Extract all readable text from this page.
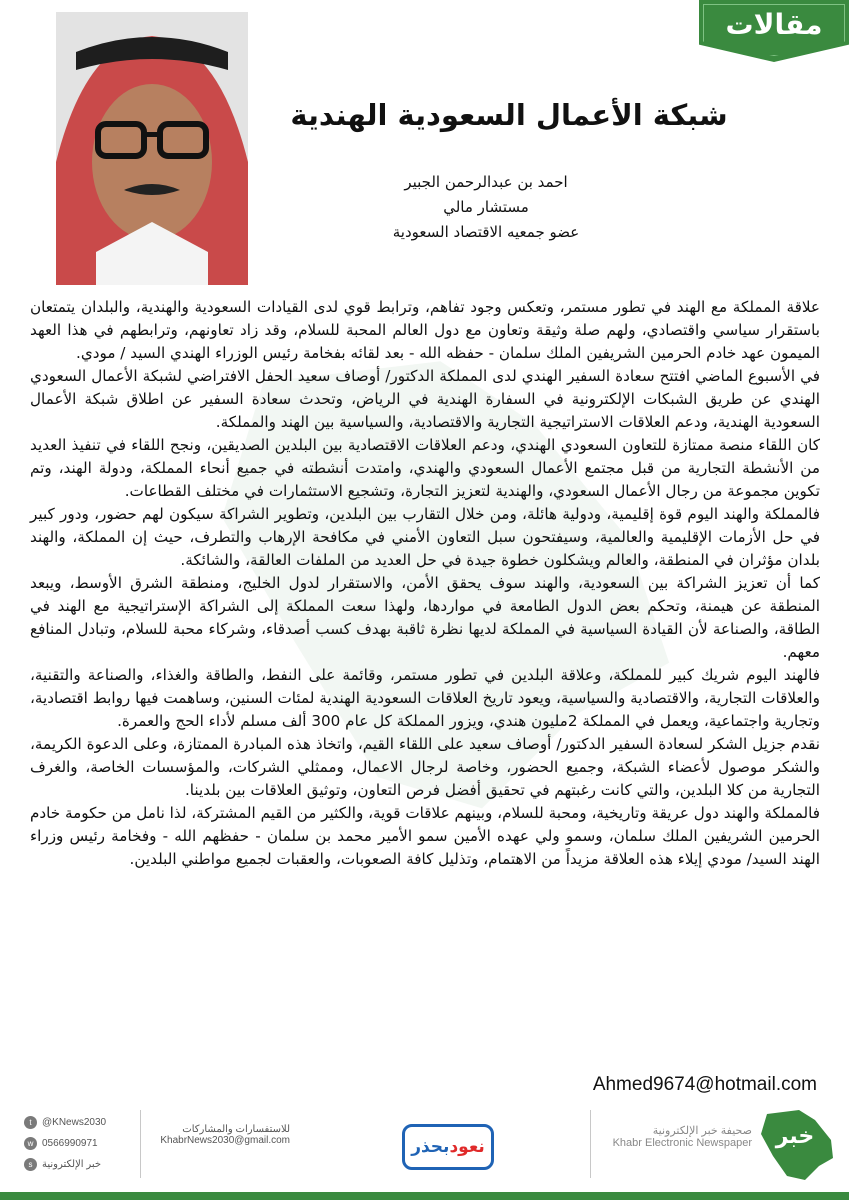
مقالات
شبكة الأعمال السعودية الهندية
احمد بن عبدالرحمن الجبير
مستشار مالي
عضو جمعيه الاقتصاد السعودية

علاقة المملكة مع الهند في تطور مستمر، وتعكس وجود تفاهم، وترابط قوي لدى القيادات السعودية والهندية، والبلدان يتمتعان باستقرار سياسي واقتصادي، ولهم صلة وثيقة وتعاون مع دول العالم المحبة للسلام، وقد زاد تعاونهم، وترابطهم في هذا العهد الميمون عهد خادم الحرمين الشريفين الملك سلمان - حفظه الله - بعد لقائه بفخامة رئيس الوزراء الهندي السيد / مودي.

في الأسبوع الماضي افتتح سعادة السفير الهندي لدى المملكة الدكتور/ أوصاف سعيد الحفل الافتراضي لشبكة الأعمال السعودي الهندي عن طريق الشبكات الإلكترونية في السفارة الهندية في الرياض، وتحدث سعادة السفير عن اطلاق شبكة الأعمال السعودية الهندية، ودعم العلاقات الاستراتيجية التجارية والاقتصادية، والسياسية بين الهند والمملكة.

كان اللقاء منصة ممتازة للتعاون السعودي الهندي، ودعم العلاقات الاقتصادية بين البلدين الصديقين، ونجح اللقاء في تنفيذ العديد من الأنشطة التجارية من قبل مجتمع الأعمال السعودي والهندي، وامتدت أنشطته في جميع أنحاء المملكة، ودولة الهند، وتم تكوين مجموعة من رجال الأعمال السعودي، والهندية لتعزيز التجارة، وتشجيع الاستثمارات في مختلف القطاعات.

فالمملكة والهند اليوم قوة إقليمية، ودولية هائلة، ومن خلال التقارب بين البلدين، وتطوير الشراكة سيكون لهم حضور، ودور كبير في حل الأزمات الإقليمية والعالمية، وسيفتحون سبل التعاون الأمني في مكافحة الإرهاب والتطرف، حيث إن المملكة، والهند بلدان مؤثران في المنطقة، والعالم ويشكلون خطوة جيدة في حل العديد من الملفات العالقة، والشائكة.

كما أن تعزيز الشراكة بين السعودية، والهند سوف يحقق الأمن، والاستقرار لدول الخليج، ومنطقة الشرق الأوسط، ويبعد المنطقة عن هيمنة، وتحكم بعض الدول الطامعة في مواردها، ولهذا سعت المملكة إلى الشراكة الإستراتيجية مع الهند في الطاقة، والصناعة لأن القيادة السياسية في المملكة لديها نظرة ثاقبة بهدف كسب أصدقاء، وشركاء محبة للسلام، وتبادل المنافع معهم.

فالهند اليوم شريك كبير للمملكة، وعلاقة البلدين في تطور مستمر، وقائمة على النفط، والطاقة والغذاء، والصناعة والتقنية، والعلاقات التجارية، والاقتصادية والسياسية، ويعود تاريخ العلاقات السعودية الهندية لمئات السنين، وساهمت فيها روابط اقتصادية، وتجارية واجتماعية، ويعمل في المملكة 2مليون هندي، ويزور المملكة كل عام 300 ألف مسلم لأداء الحج والعمرة.

نقدم جزيل الشكر لسعادة السفير الدكتور/ أوصاف سعيد على اللقاء القيم، واتخاذ هذه المبادرة الممتازة، وعلى الدعوة الكريمة، والشكر موصول لأعضاء الشبكة، وجميع الحضور، وخاصة لرجال الاعمال، وممثلي الشركات، والمؤسسات الخاصة، والغرف التجارية من كلا البلدين، والتي كانت رغبتهم في تحقيق أفضل فرص التعاون، وتوثيق العلاقات بين بلدينا.

فالمملكة والهند دول عريقة وتاريخية، ومحبة للسلام، وبينهم علاقات قوية، والكثير من القيم المشتركة، لذا نامل من حكومة خادم الحرمين الشريفين الملك سلمان، وسمو ولي عهده الأمين سمو الأمير محمد بن سلمان - حفظهم الله - وفخامة رئيس وزراء الهند السيد/ مودي إيلاء هذه العلاقة مزيداً من الاهتمام، وتذليل كافة الصعوبات، والعقبات لجميع مواطني البلدين.

Ahmed9674@hotmail.com
t	@KNews2030
w 0566990971
s خبر الإلكترونية
للاستفسارات والمشاركات
KhabrNews2030@gmail.com	نعود
بحذر
صحيفة خبر الإلكترونية
Khabr Electronic Newspaper	خبر
